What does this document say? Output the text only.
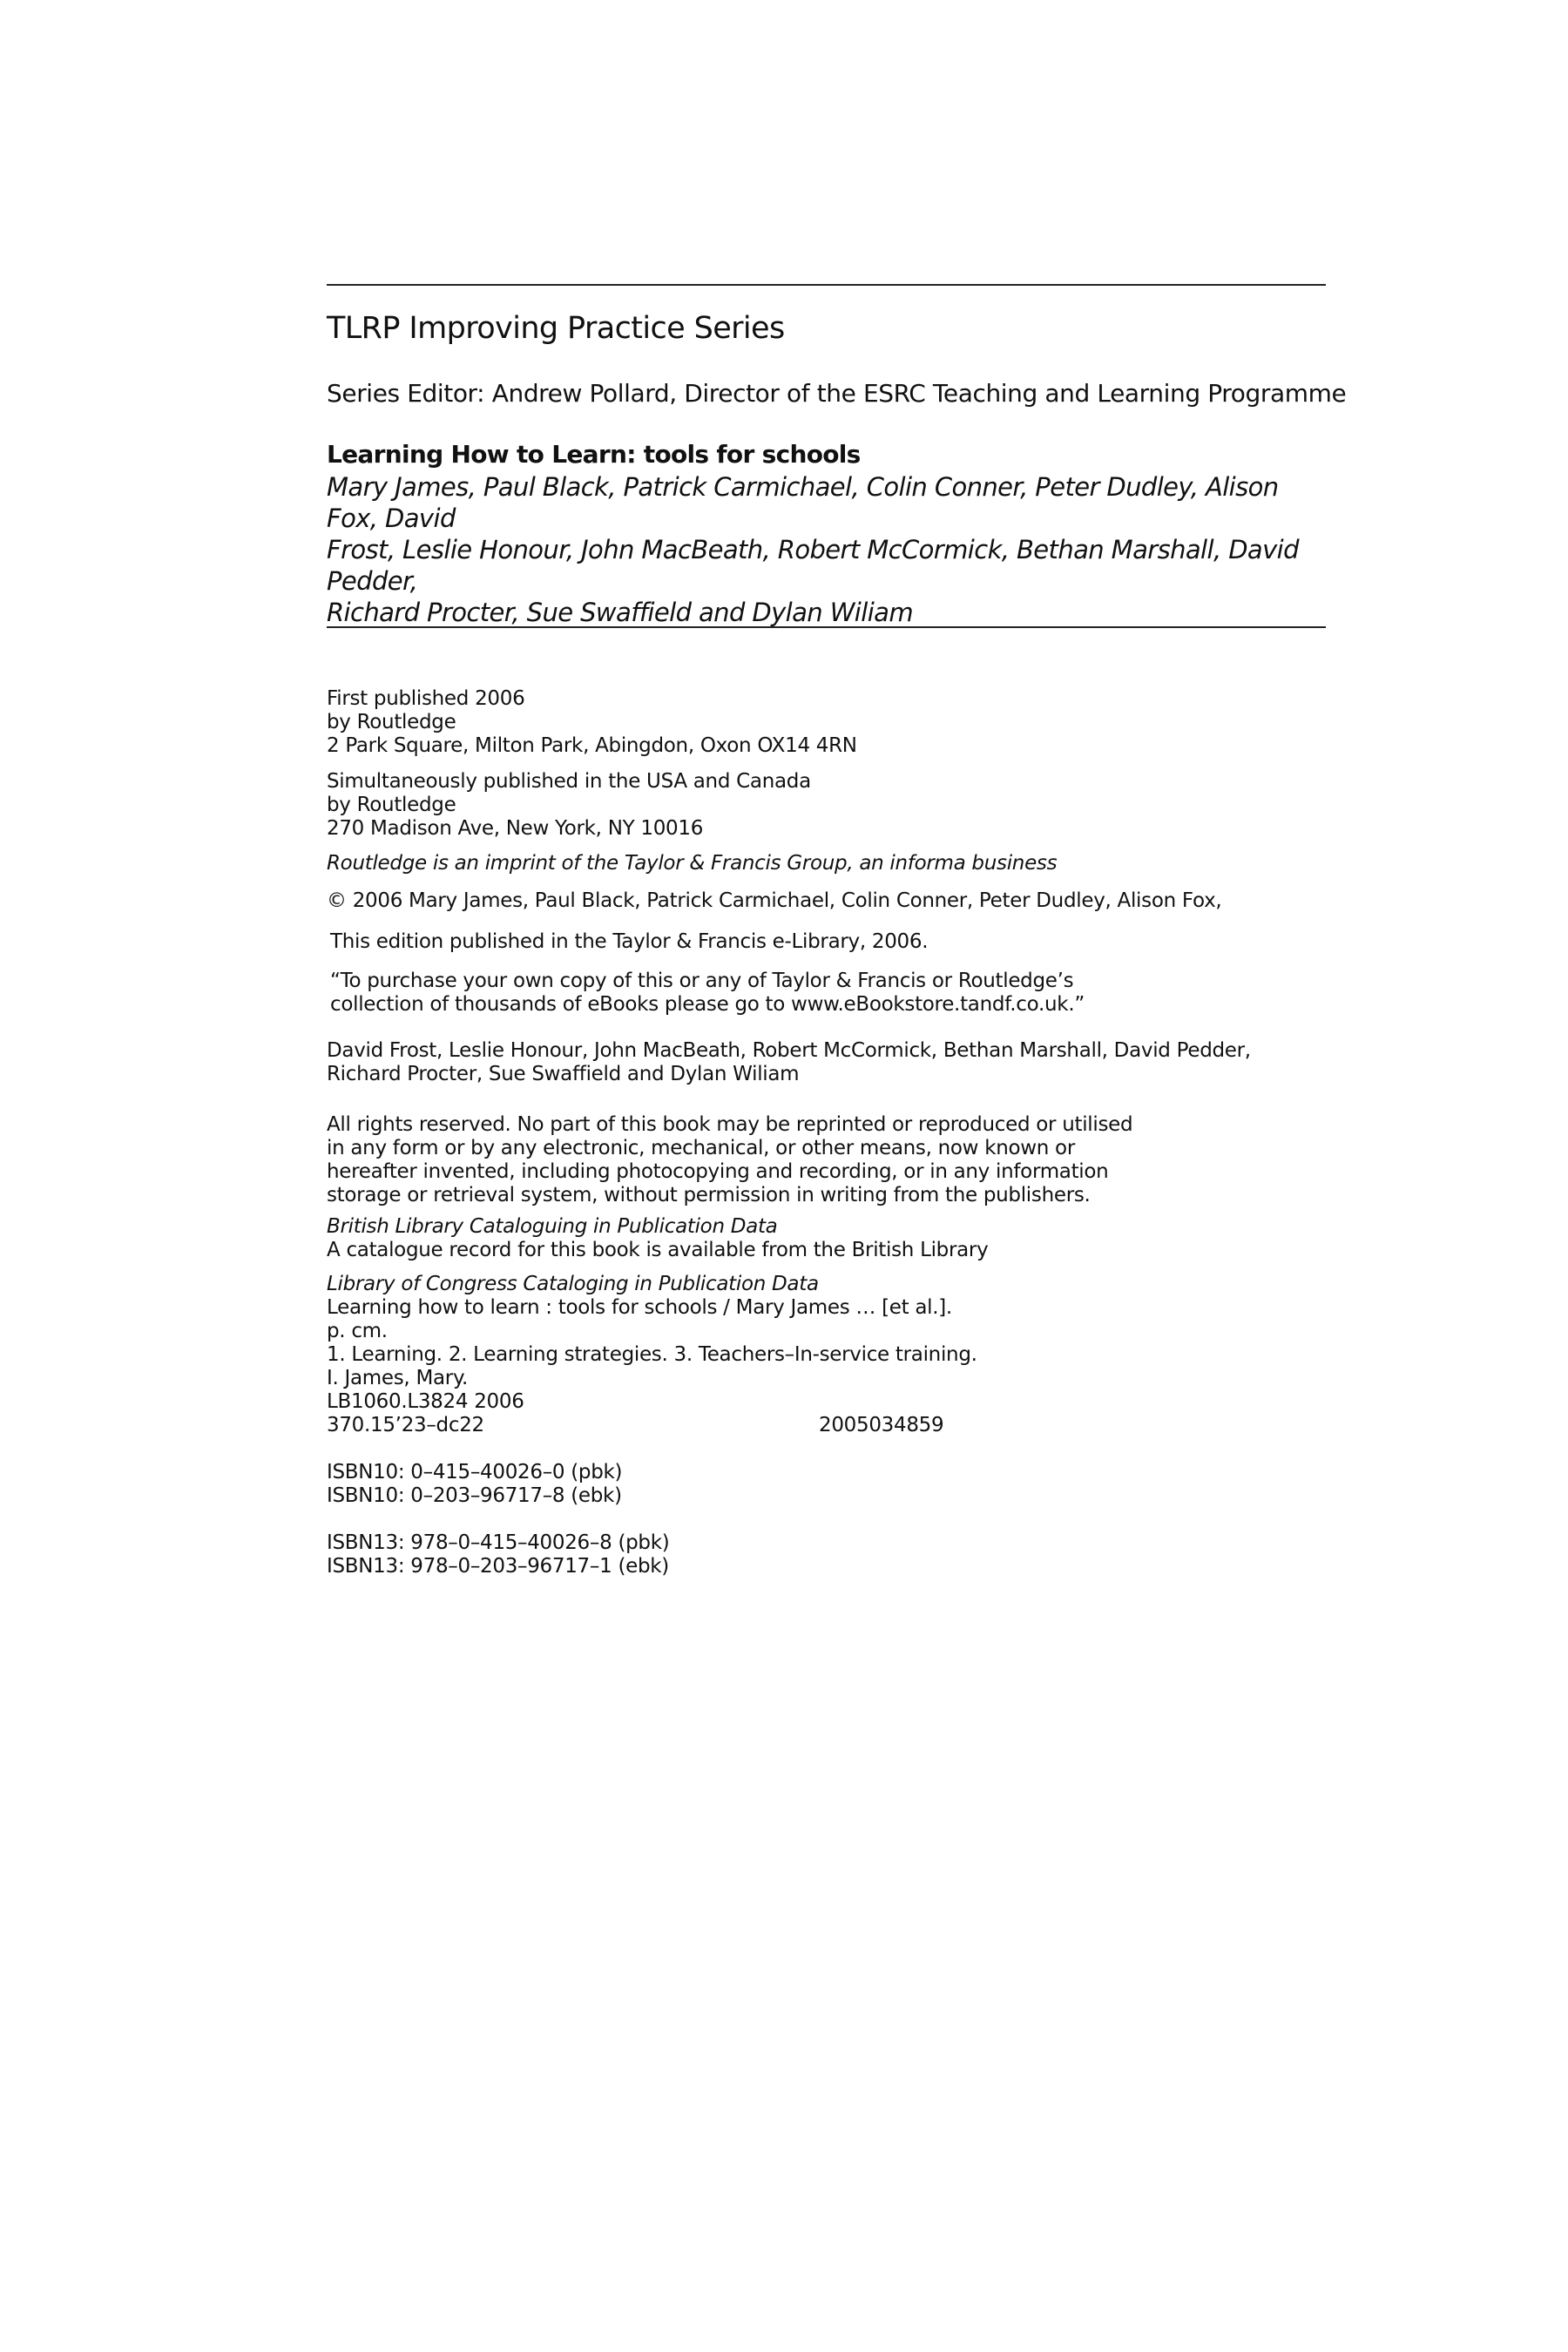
TLRP Improving Practice Series
Series Editor: Andrew Pollard, Director of the ESRC Teaching and Learning Programme
Learning How to Learn: tools for schools
Mary James, Paul Black, Patrick Carmichael, Colin Conner, Peter Dudley, Alison Fox, David
Frost, Leslie Honour, John MacBeath, Robert McCormick, Bethan Marshall, David Pedder,
Richard Procter, Sue Swaffield and Dylan Wiliam
First published 2006
by Routledge
2 Park Square, Milton Park, Abingdon, Oxon OX14 4RN
Simultaneously published in the USA and Canada
by Routledge
270 Madison Ave, New York, NY 10016
Routledge is an imprint of the Taylor & Francis Group, an informa business
© 2006 Mary James, Paul Black, Patrick Carmichael, Colin Conner, Peter Dudley, Alison Fox,
This edition published in the Taylor & Francis e-Library, 2006.
“To purchase your own copy of this or any of Taylor & Francis or Routledge’s
collection of thousands of eBooks please go to www.eBookstore.tandf.co.uk.”
David Frost, Leslie Honour, John MacBeath, Robert McCormick, Bethan Marshall, David Pedder,
Richard Procter, Sue Swaffield and Dylan Wiliam
All rights reserved. No part of this book may be reprinted or reproduced or utilised
in any form or by any electronic, mechanical, or other means, now known or
hereafter invented, including photocopying and recording, or in any information
storage or retrieval system, without permission in writing from the publishers.
British Library Cataloguing in Publication Data
A catalogue record for this book is available from the British Library
Library of Congress Cataloging in Publication Data
Learning how to learn : tools for schools / Mary James … [et al.].
p. cm.
1. Learning. 2. Learning strategies. 3. Teachers–In-service training.
I. James, Mary.
LB1060.L3824 2006
370.15’23–dc22	2005034859
ISBN10: 0–415–40026–0 (pbk)
ISBN10: 0–203–96717–8 (ebk)
ISBN13: 978–0–415–40026–8 (pbk)
ISBN13: 978–0–203–96717–1 (ebk)
